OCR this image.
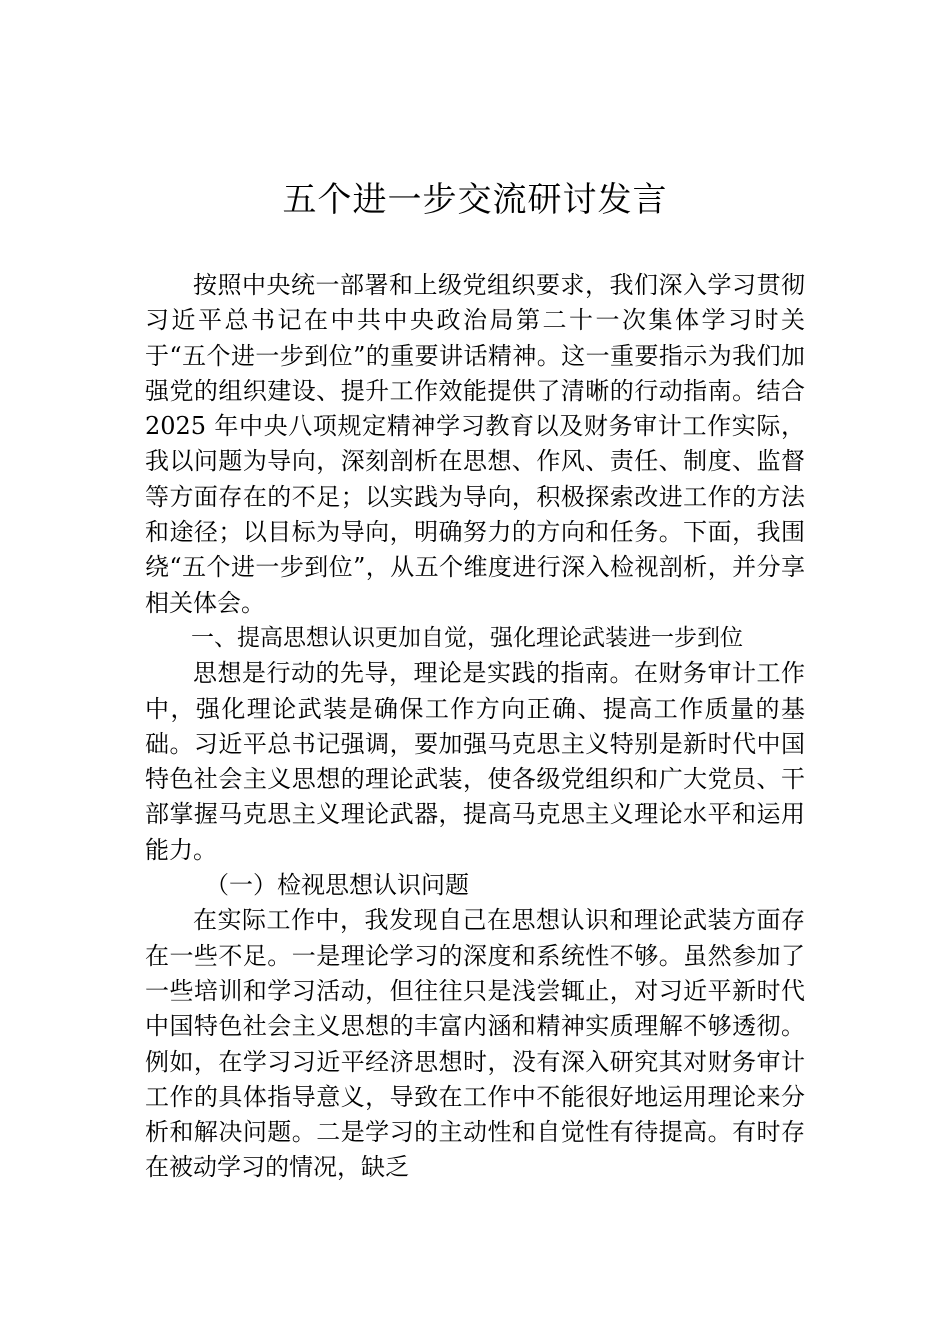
五个进一步交流研讨发言

按照中央统一部署和上级党组织要求，我们深入学习贯彻习近平总书记在中共中央政治局第二十一次集体学习时关于“五个进一步到位”的重要讲话精神。这一重要指示为我们加强党的组织建设、提升工作效能提供了清晰的行动指南。结合 2025 年中央八项规定精神学习教育以及财务审计工作实际，我以问题为导向，深刻剖析在思想、作风、责任、制度、监督等方面存在的不足；以实践为导向，积极探索改进工作的方法和途径；以目标为导向，明确努力的方向和任务。下面，我围绕“五个进一步到位”，从五个维度进行深入检视剖析，并分享相关体会。

一、提高思想认识更加自觉，强化理论武装进一步到位

思想是行动的先导，理论是实践的指南。在财务审计工作中，强化理论武装是确保工作方向正确、提高工作质量的基础。习近平总书记强调，要加强马克思主义特别是新时代中国特色社会主义思想的理论武装，使各级党组织和广大党员、干部掌握马克思主义理论武器，提高马克思主义理论水平和运用能力。

（一）检视思想认识问题

在实际工作中，我发现自己在思想认识和理论武装方面存在一些不足。一是理论学习的深度和系统性不够。虽然参加了一些培训和学习活动，但往往只是浅尝辄止，对习近平新时代中国特色社会主义思想的丰富内涵和精神实质理解不够透彻。例如，在学习习近平经济思想时，没有深入研究其对财务审计工作的具体指导意义，导致在工作中不能很好地运用理论来分析和解决问题。二是学习的主动性和自觉性有待提高。有时存在被动学习的情况，缺乏
